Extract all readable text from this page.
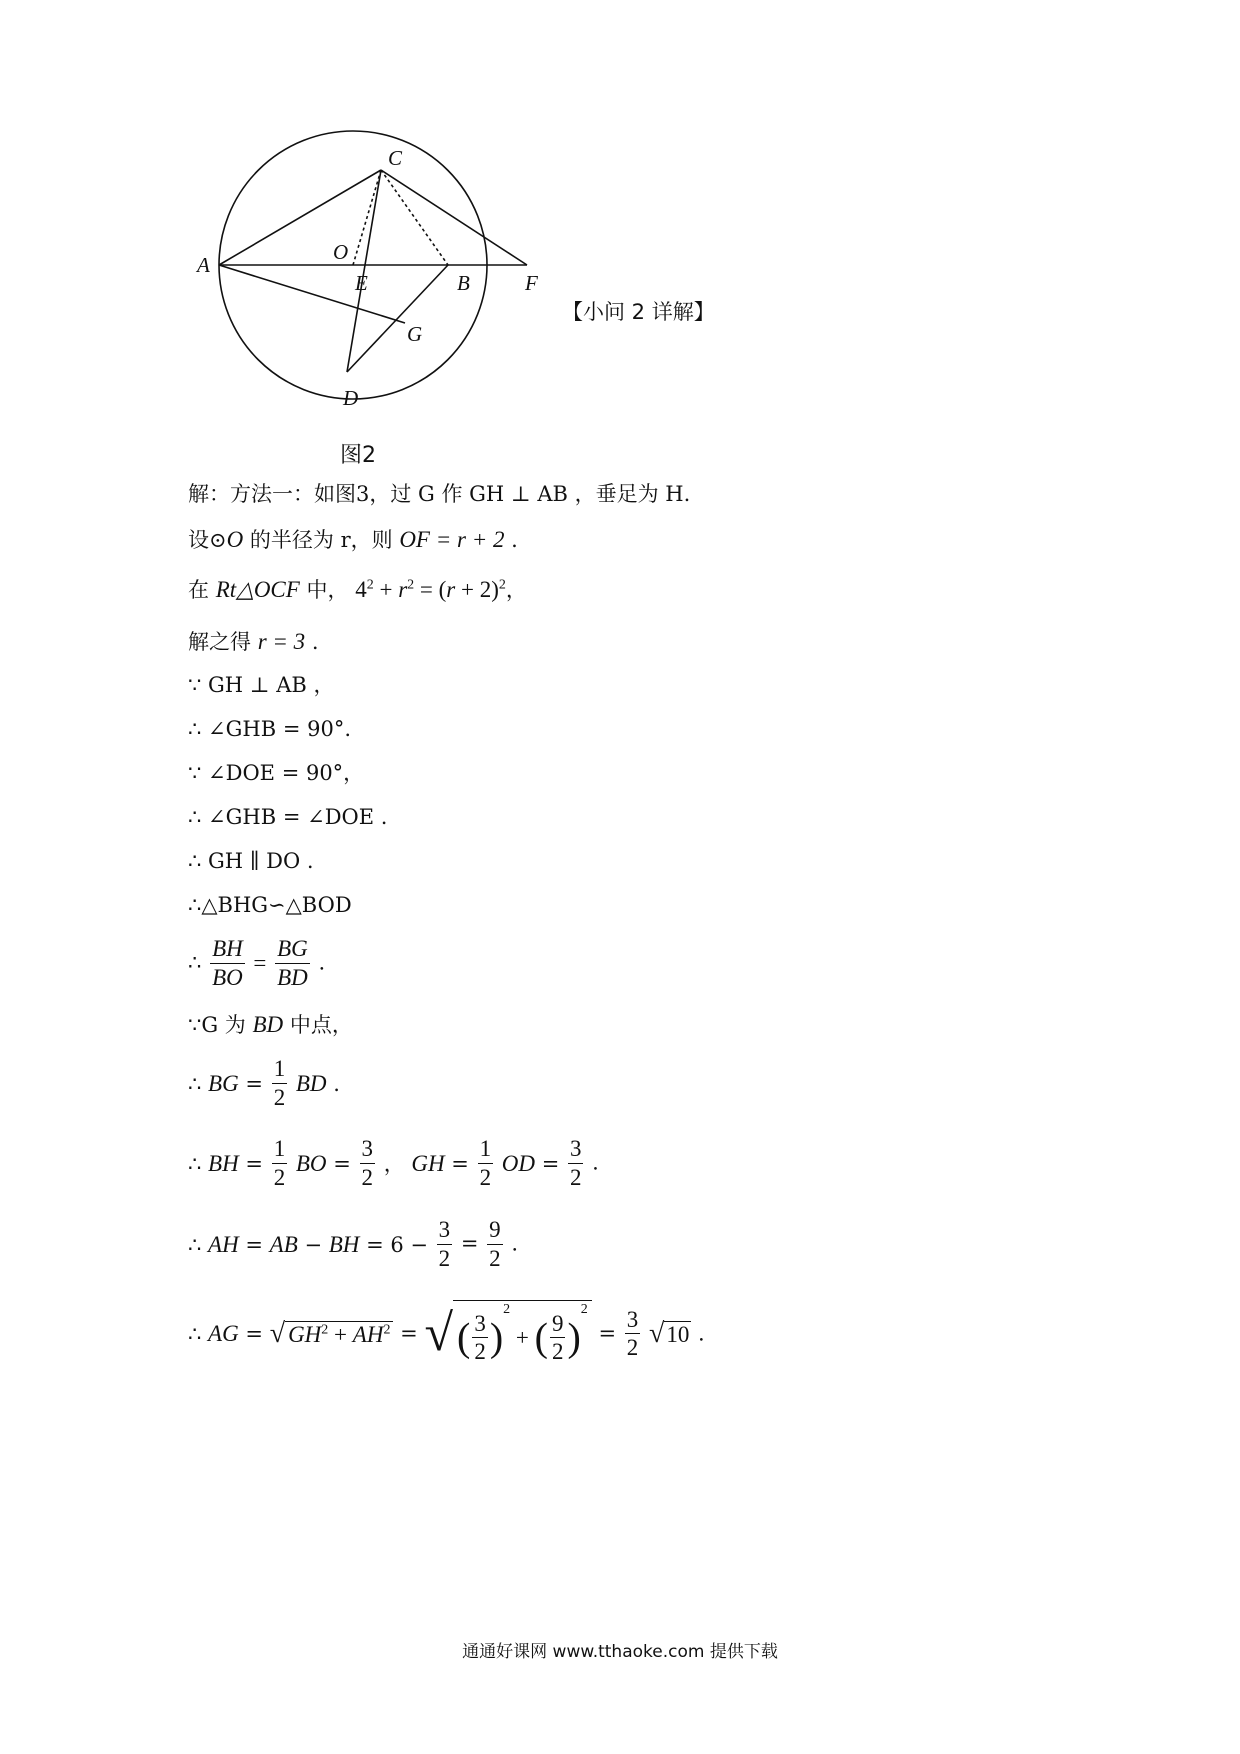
C
A
O
E	B	F
G
D
【小问 2 详解】
图2
解：方法一：如图3，过 G 作 GH ⊥ AB ，垂足为 H.
设⊙O 的半径为 r，则 OF = r + 2 .
在 Rt△OCF 中， $4^2 + r^2 = (r + 2)^2$，
解之得 r = 3 .
∵ GH ⊥ AB ，
∴ ∠GHB = 90°.
∵ ∠DOE = 90°，
∴ ∠GHB = ∠DOE .
∴ GH ∥ DO .
∴△BHG∽△BOD
∴ $\frac{BH}{BO} = \frac{BG}{BD}$ .
∵G 为 BD 中点，
∴ BG = $\frac{1}{2}$ BD .
∴ BH = $\frac{1}{2}$ BO = $\frac{3}{2}$ ， GH = $\frac{1}{2}$ OD = $\frac{3}{2}$ .
∴ AH = AB − BH = $6 - \frac{3}{2} = \frac{9}{2}$ .
∴ AG = √ $GH^2 + AH^2$ = √ ( $\frac{3}{2} )^2$ + ( $\frac{9}{2} )^2 = \frac{3}{2} √10$ .
通通好课网 www.tthaoke.com 提供下载
